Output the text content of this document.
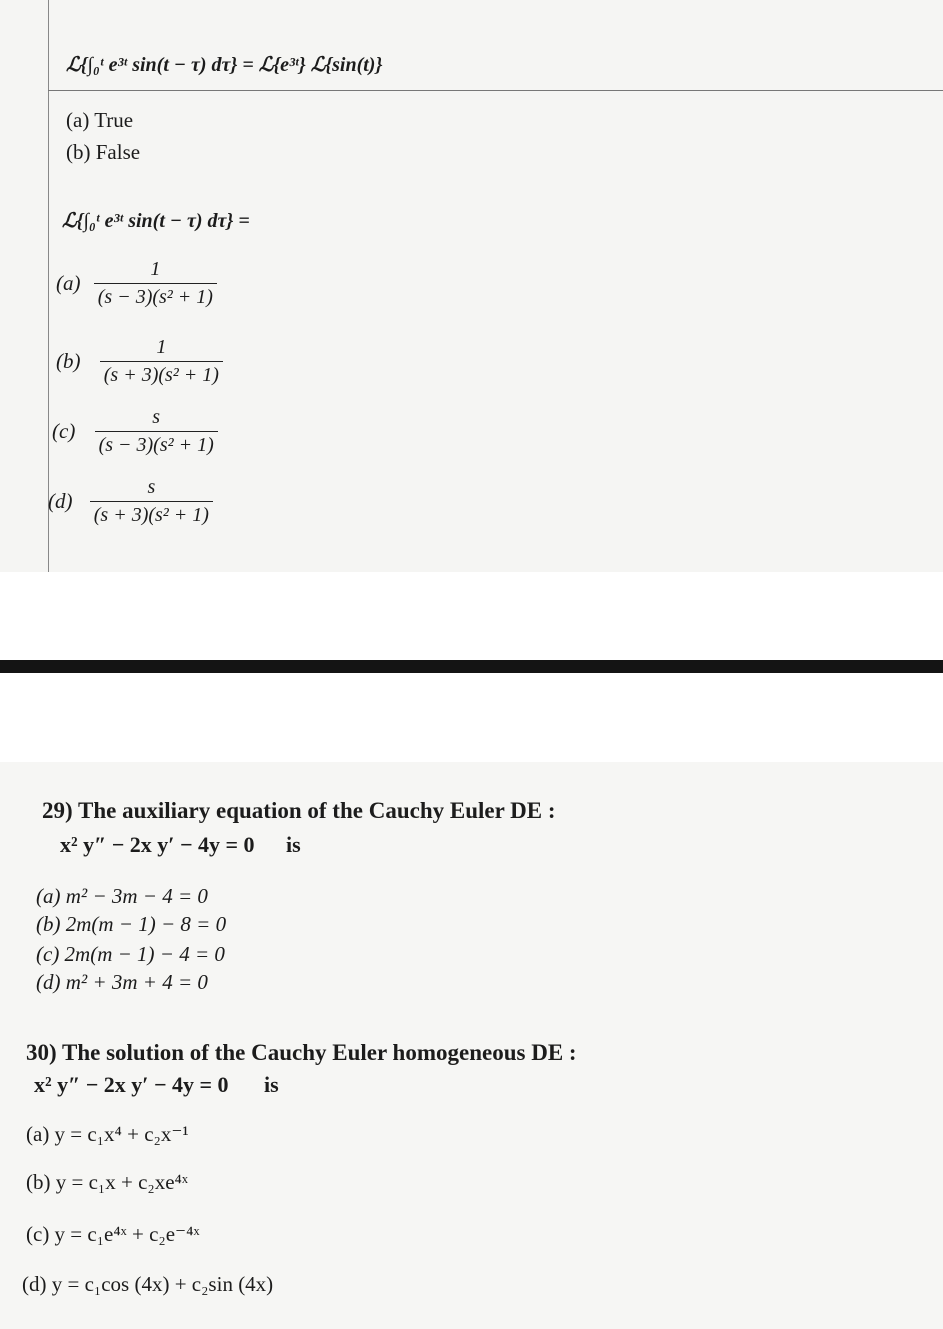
ℒ{∫₀ᵗ e³ᵗ sin(t − τ) dτ} = ℒ{e³ᵗ} ℒ{sin(t)}
(a) True
(b) False
ℒ{∫₀ᵗ e³ᵗ sin(t − τ) dτ} =
$(a) \frac{1}{\text{(s − 3)(s² + 1)}}$
$(b) \frac{1}{\text{(s + 3)(s² + 1)}}$
$(c) \frac{s}{\text{(s − 3)(s² + 1)}}$
$(d) \frac{s}{\text{(s + 3)(s² + 1)}}$
29) The auxiliary equation of the Cauchy Euler DE :
x² y″ − 2x y′ − 4y = 0 is
(a) m² − 3m − 4 = 0
(b) 2m(m − 1) − 8 = 0
(c) 2m(m − 1) − 4 = 0
(d) m² + 3m + 4 = 0
30) The solution of the Cauchy Euler homogeneous DE :
x² y″ − 2x y′ − 4y = 0 is
(a) y = c₁x⁴ + c₂x⁻¹
(b) y = c₁x + c₂xe⁴ˣ
(c) y = c₁e⁴ˣ + c₂e⁻⁴ˣ
(d) y = c₁cos (4x) + c₂sin (4x)
